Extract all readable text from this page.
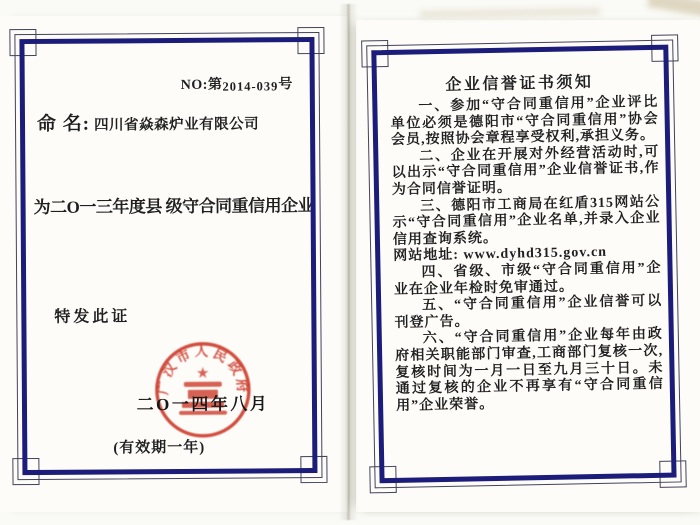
NO:第2014-039号
命 名: 四川省焱森炉业有限公司
为二O一三年度县 级守合同重信用企业
特发此证
广汉市人民政府
★
二O一四年八月
(有效期一年)
企业信誉证书须知

一、参加“守合同重信用”企业评比单位必须是德阳市“守合同重信用”协会会员,按照协会章程享受权利,承担义务。

二、企业在开展对外经营活动时,可以出示“守合同重信用”企业信誉证书,作为合同信誉证明。

三、德阳市工商局在红盾315网站公示“守合同重信用”企业名单,并录入企业信用查询系统。

网站地址: www.dyhd315.gov.cn

四、省级、市级“守合同重信用”企业在企业年检时免审通过。

五、“守合同重信用”企业信誉可以刊登广告。

六、“守合同重信用”企业每年由政府相关职能部门审查,工商部门复核一次,复核时间为一月一日至九月三十日。未通过复核的企业不再享有“守合同重信用”企业荣誉。
